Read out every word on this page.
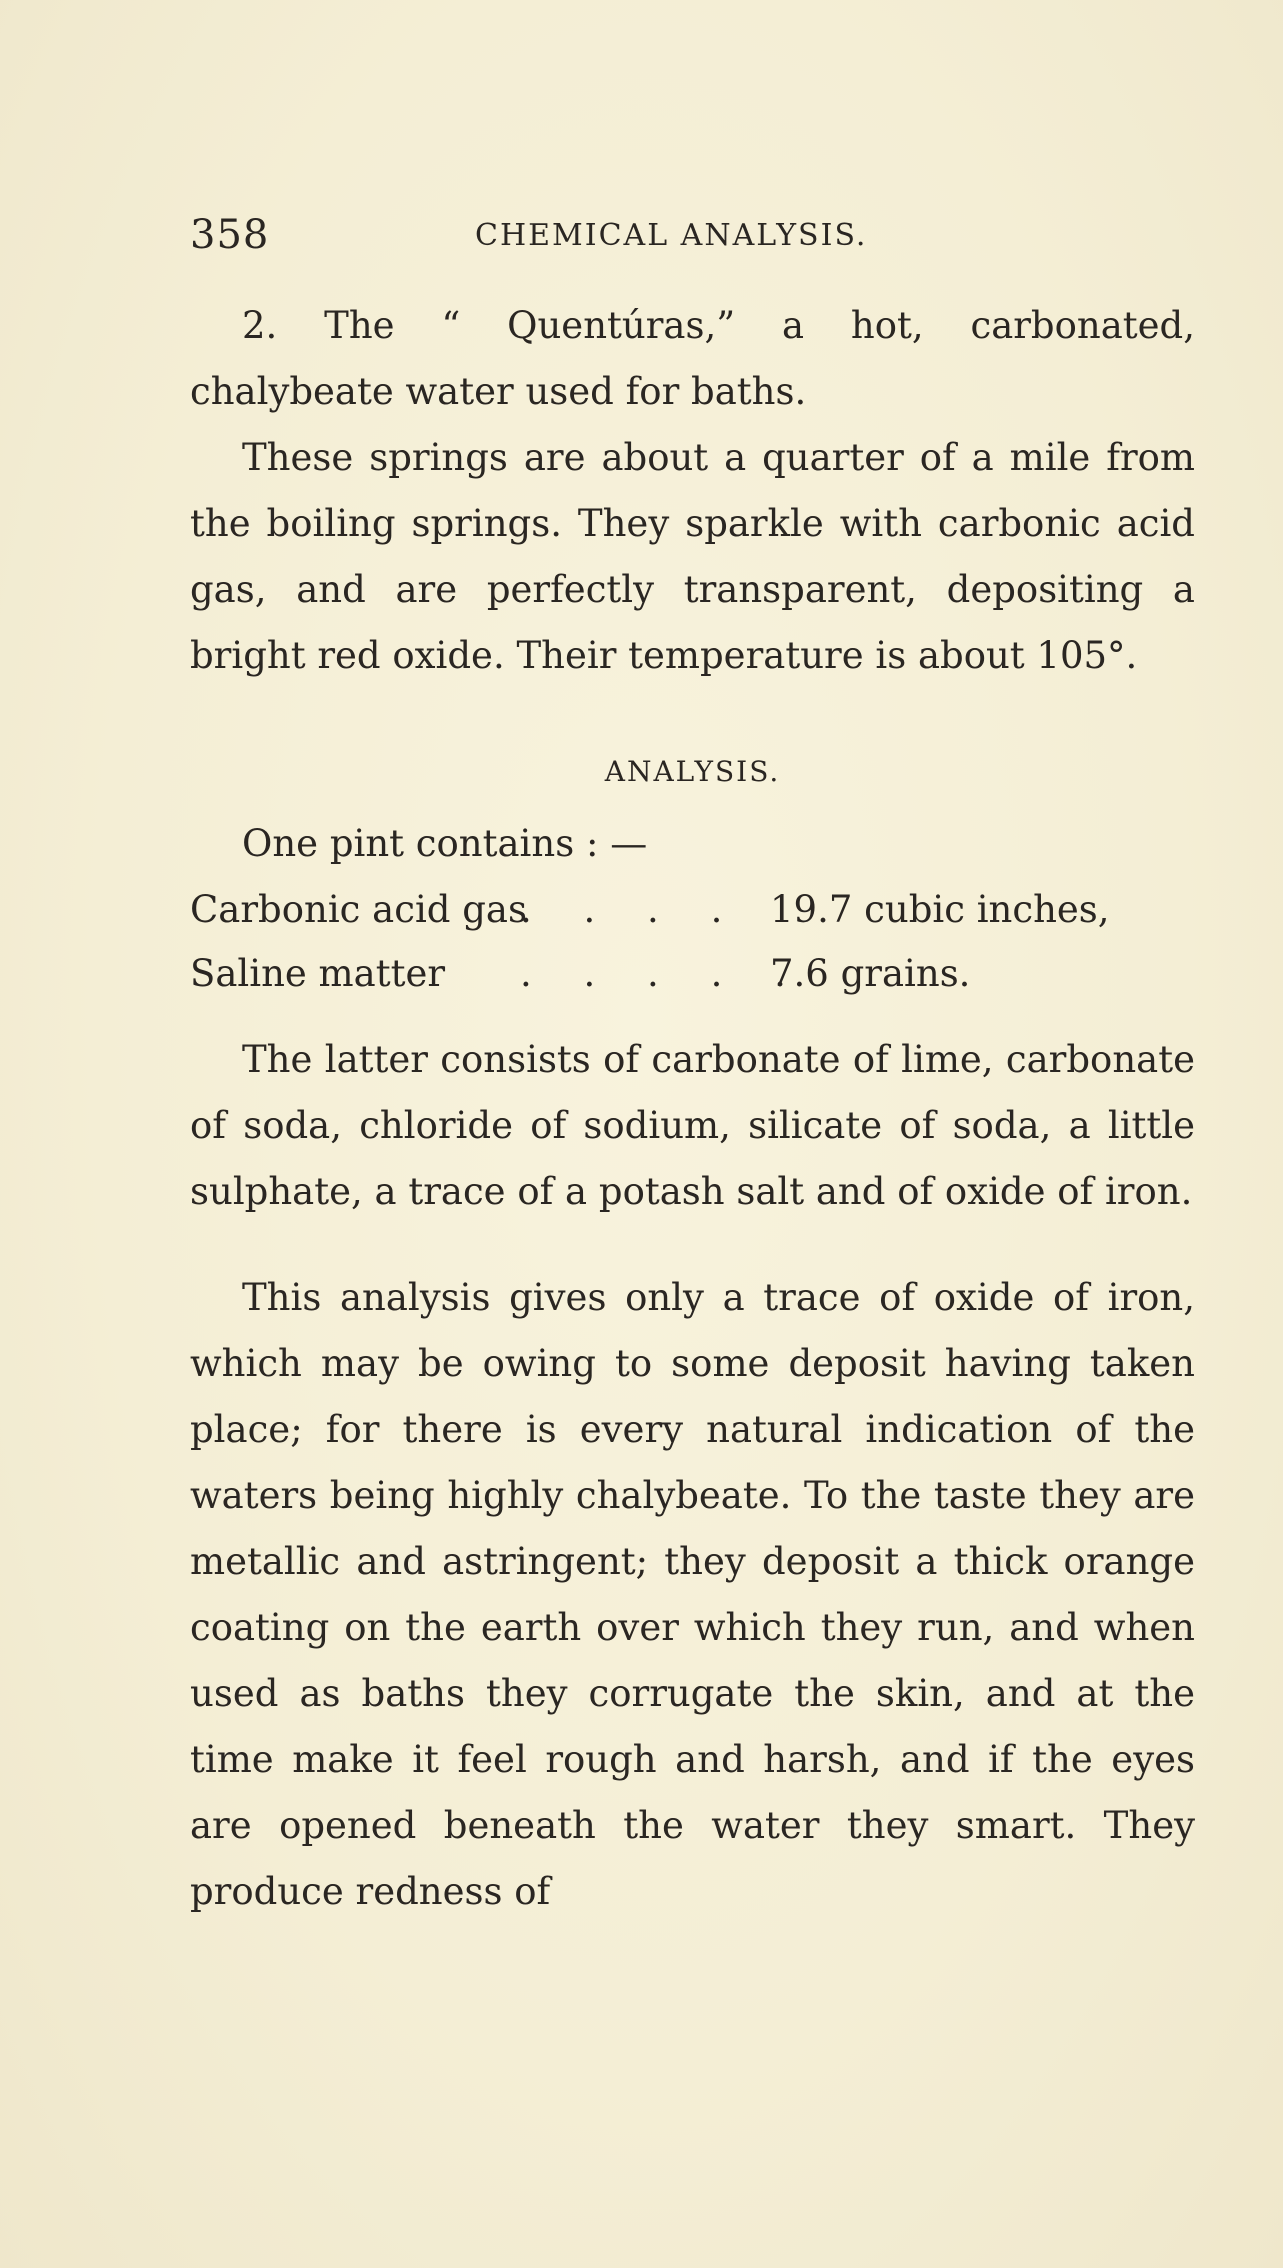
358	CHEMICAL ANALYSIS.

2. The “ Quentúras,” a hot, carbonated, chalybeate water used for baths.

These springs are about a quarter of a mile from the boiling springs. They sparkle with carbonic acid gas, and are perfectly transparent, depositing a bright red oxide. Their temperature is about 105°.

ANALYSIS.

One pint contains : —

Carbonic acid gas
. . . . 19.7 cubic inches,
Saline matter	. . . . .
7.6 grains.

The latter consists of carbonate of lime, carbonate of soda, chloride of sodium, silicate of soda, a little sulphate, a trace of a potash salt and of oxide of iron.

This analysis gives only a trace of oxide of iron, which may be owing to some deposit having taken place; for there is every natural indication of the waters being highly chalybeate. To the taste they are metallic and astringent; they deposit a thick orange coating on the earth over which they run, and when used as baths they corrugate the skin, and at the time make it feel rough and harsh, and if the eyes are opened beneath the water they smart. They produce redness of
